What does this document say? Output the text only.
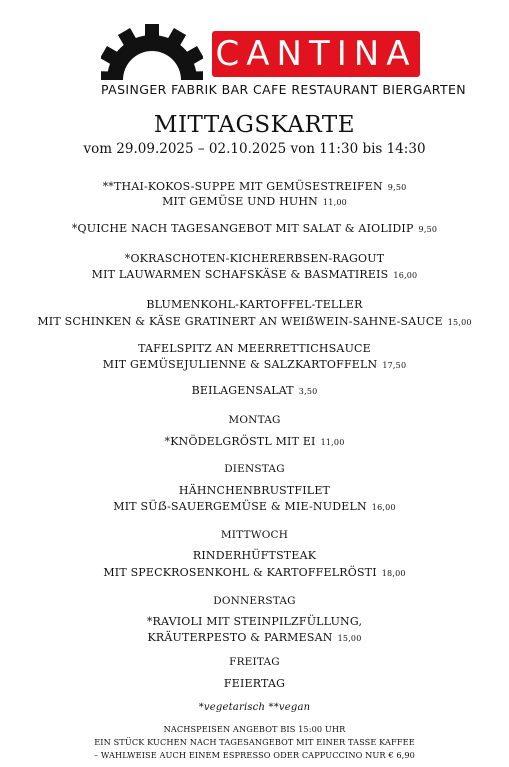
CANTINA
PASINGER FABRIK BAR CAFE RESTAURANT BIERGARTEN
MITTAGSKARTE
vom 29.09.2025 – 02.10.2025 von 11:30 bis 14:30
**THAI-KOKOS-SUPPE MIT GEMÜSESTREIFEN 9,50
MIT GEMÜSE UND HUHN 11,00
*QUICHE NACH TAGESANGEBOT MIT SALAT & AIOLIDIP 9,50
*OKRASCHOTEN-KICHERERBSEN-RAGOUT
MIT LAUWARMEN SCHAFSKÄSE & BASMATIREIS 16,00
BLUMENKOHL-KARTOFFEL-TELLER
MIT SCHINKEN & KÄSE GRATINERT AN WEIẞWEIN-SAHNE-SAUCE 15,00
TAFELSPITZ AN MEERRETTICHSAUCE
MIT GEMÜSEJULIENNE & SALZKARTOFFELN 17,50
BEILAGENSALAT 3,50
MONTAG
*KNÖDELGRÖSTL MIT EI 11,00
DIENSTAG
HÄHNCHENBRUSTFILET
MIT SÜẞ-SAUERGEMÜSE & MIE-NUDELN 16,00
MITTWOCH
RINDERHÜFTSTEAK
MIT SPECKROSENKOHL & KARTOFFELRÖSTI 18,00
DONNERSTAG
*RAVIOLI MIT STEINPILZFÜLLUNG,
KRÄUTERPESTO & PARMESAN 15,00
FREITAG
FEIERTAG
*vegetarisch **vegan
NACHSPEISEN ANGEBOT BIS 15:00 UHR
EIN STÜCK KUCHEN NACH TAGESANGEBOT MIT EINER TASSE KAFFEE
– WAHLWEISE AUCH EINEM ESPRESSO ODER CAPPUCCINO NUR € 6,90
